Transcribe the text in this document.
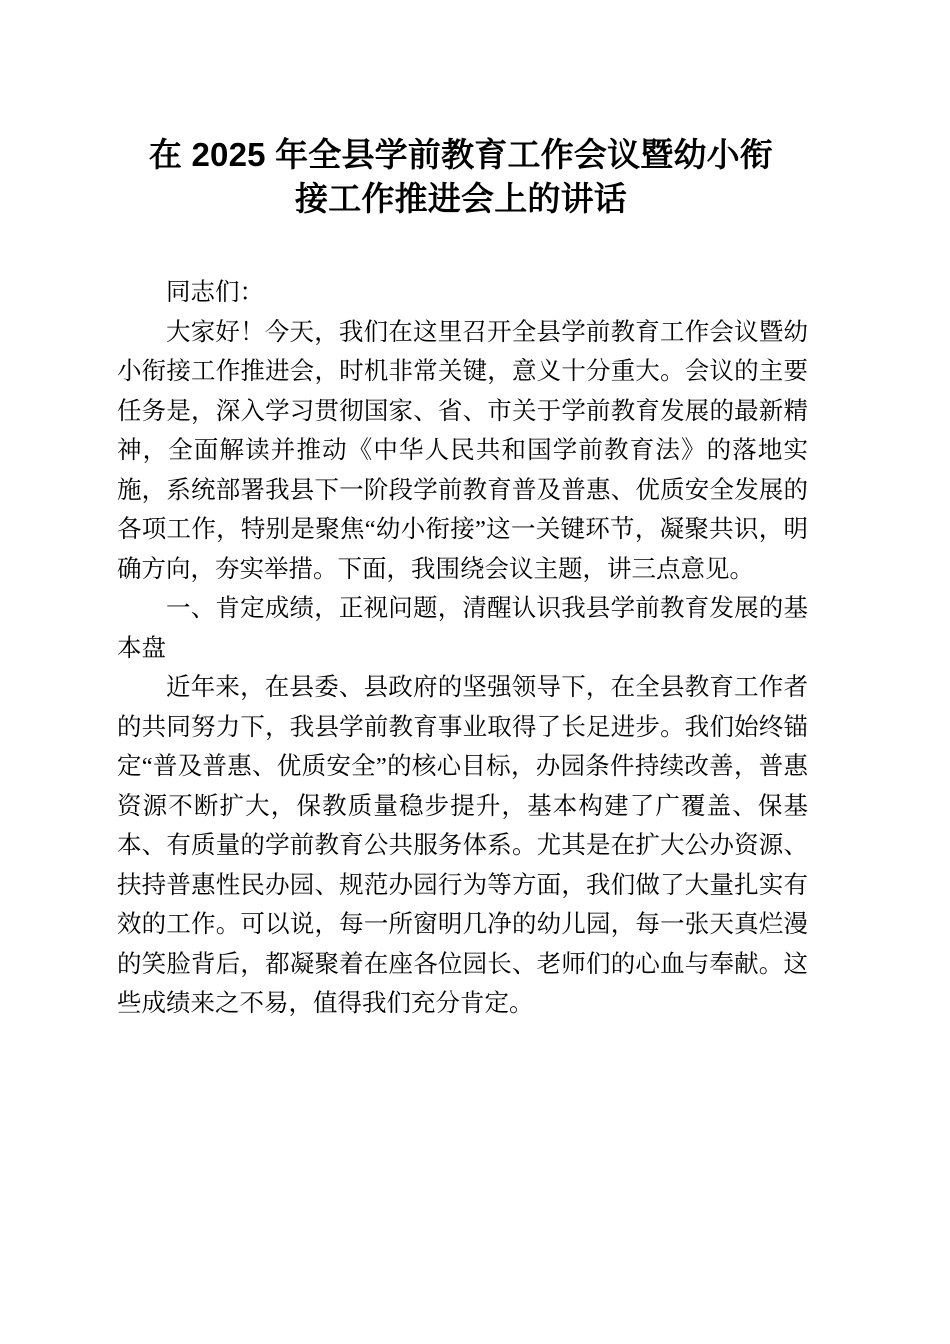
在 2025 年全县学前教育工作会议暨幼小衔
接工作推进会上的讲话

同志们：

大家好！今天，我们在这里召开全县学前教育工作会议暨幼小衔接工作推进会，时机非常关键，意义十分重大。会议的主要任务是，深入学习贯彻国家、省、市关于学前教育发展的最新精神，全面解读并推动《中华人民共和国学前教育法》的落地实施，系统部署我县下一阶段学前教育普及普惠、优质安全发展的各项工作，特别是聚焦“幼小衔接”这一关键环节，凝聚共识，明确方向，夯实举措。下面，我围绕会议主题，讲三点意见。

一、肯定成绩，正视问题，清醒认识我县学前教育发展的基本盘

近年来，在县委、县政府的坚强领导下，在全县教育工作者的共同努力下，我县学前教育事业取得了长足进步。我们始终锚定“普及普惠、优质安全”的核心目标，办园条件持续改善，普惠资源不断扩大，保教质量稳步提升，基本构建了广覆盖、保基本、有质量的学前教育公共服务体系。尤其是在扩大公办资源、扶持普惠性民办园、规范办园行为等方面，我们做了大量扎实有效的工作。可以说，每一所窗明几净的幼儿园，每一张天真烂漫的笑脸背后，都凝聚着在座各位园长、老师们的心血与奉献。这些成绩来之不易，值得我们充分肯定。
